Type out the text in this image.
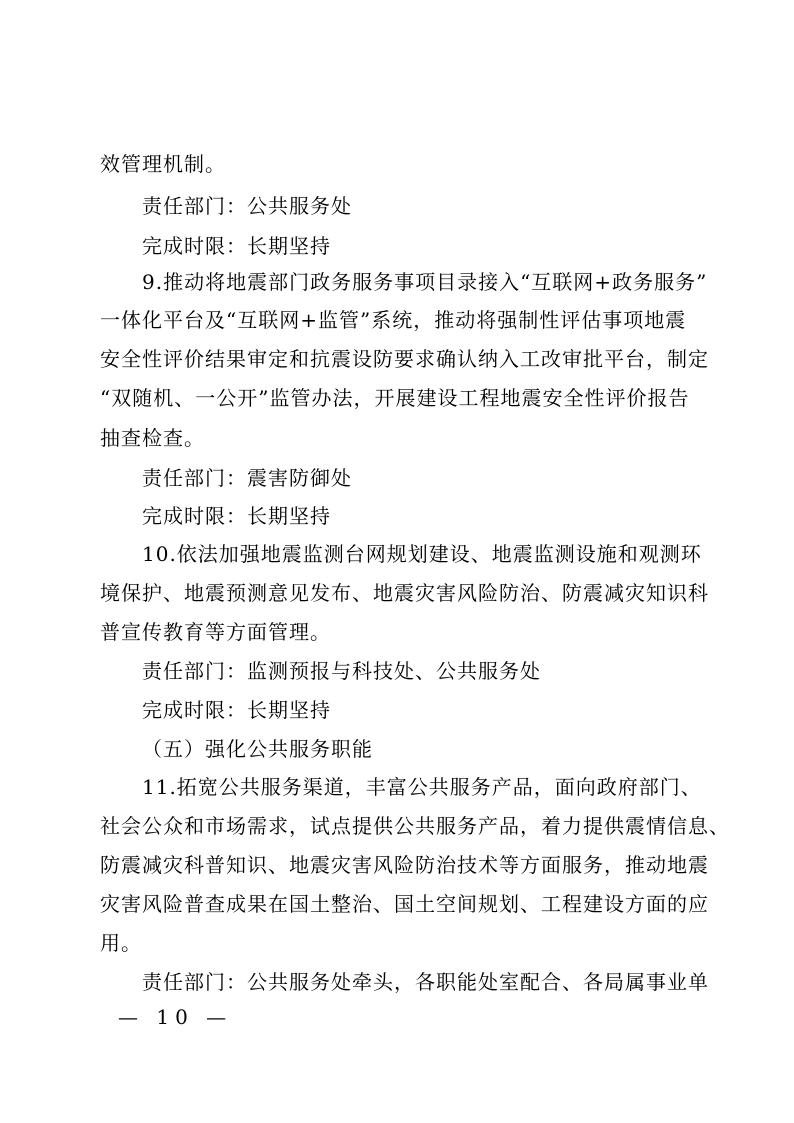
效管理机制。
责任部门：公共服务处
完成时限：长期坚持
9.推动将地震部门政务服务事项目录接入“互联网+政务服务”
一体化平台及“互联网+监管”系统，推动将强制性评估事项地震
安全性评价结果审定和抗震设防要求确认纳入工改审批平台，制定
“双随机、一公开”监管办法，开展建设工程地震安全性评价报告
抽查检查。
责任部门：震害防御处
完成时限：长期坚持
10.依法加强地震监测台网规划建设、地震监测设施和观测环
境保护、地震预测意见发布、地震灾害风险防治、防震减灾知识科
普宣传教育等方面管理。
责任部门：监测预报与科技处、公共服务处
完成时限：长期坚持
（五）强化公共服务职能
11.拓宽公共服务渠道，丰富公共服务产品，面向政府部门、
社会公众和市场需求，试点提供公共服务产品，着力提供震情信息、
防震减灾科普知识、地震灾害风险防治技术等方面服务，推动地震
灾害风险普查成果在国土整治、国土空间规划、工程建设方面的应
用。
责任部门：公共服务处牵头，各职能处室配合、各局属事业单
— 10 —
